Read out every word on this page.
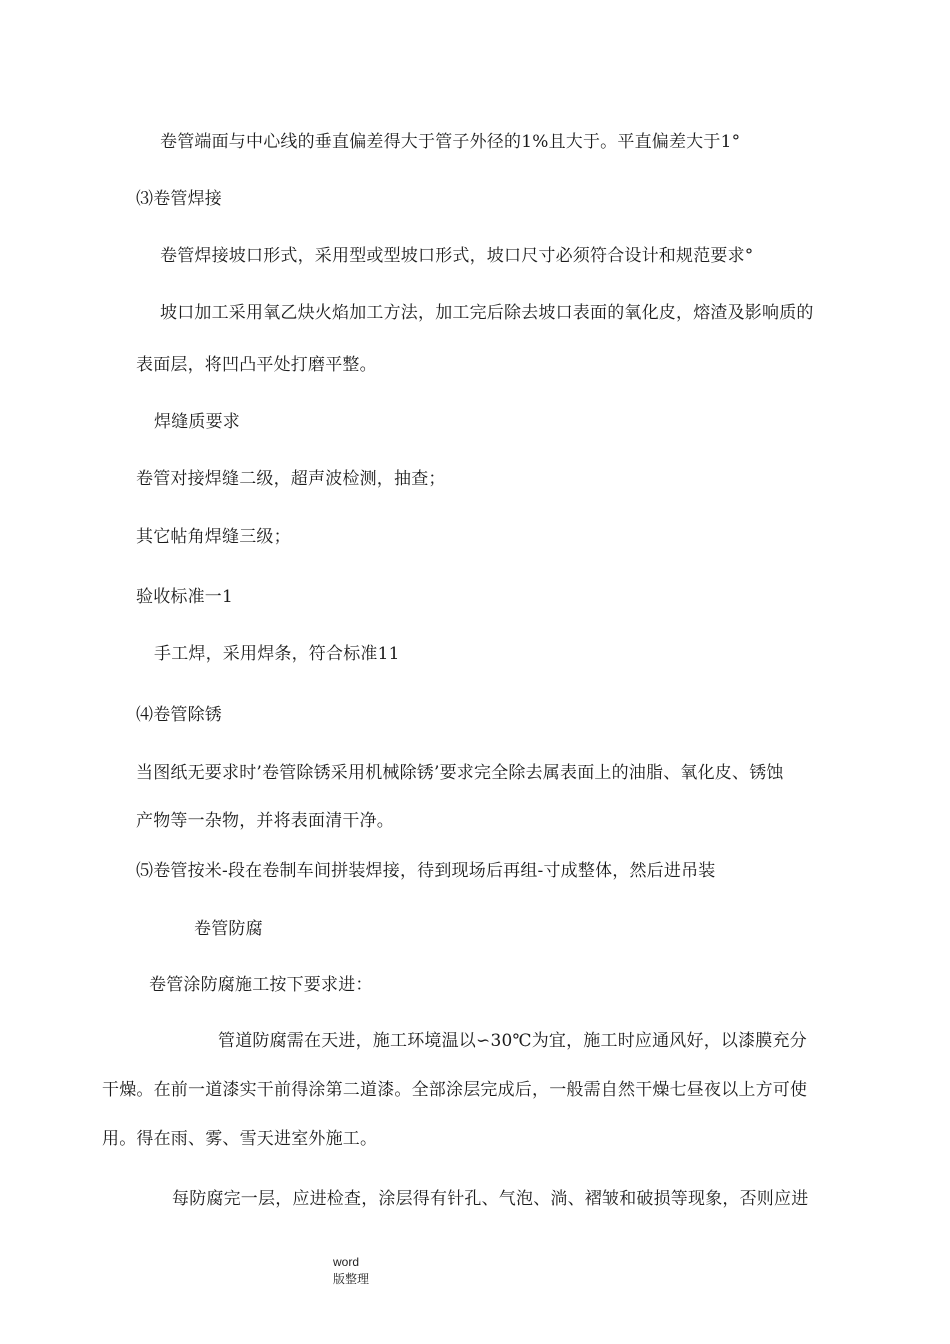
卷管端面与中心线的垂直偏差得大于管子外径的1%且大于。平直偏差大于1°
⑶卷管焊接
卷管焊接坡口形式，采用型或型坡口形式，坡口尺寸必须符合设计和规范要求°
坡口加工采用氧乙炔火焰加工方法，加工完后除去坡口表面的氧化皮，熔渣及影响质的
表面层，将凹凸平处打磨平整。
焊缝质要求
卷管对接焊缝二级，超声波检测，抽查；
其它帖角焊缝三级；
验收标准一1
手工焊，采用焊条，符合标准11
⑷卷管除锈
当图纸无要求时’卷管除锈采用机械除锈’要求完全除去属表面上的油脂、氧化皮、锈蚀
产物等一杂物，并将表面清干净。
⑸卷管按米-段在卷制车间拼装焊接，待到现场后再组-寸成整体，然后进吊装
卷管防腐
卷管涂防腐施工按下要求进：
管道防腐需在天进，施工环境温以∽30℃为宜，施工时应通风好，以漆膜充分
干燥。在前一道漆实干前得涂第二道漆。全部涂层完成后，一般需自然干燥七昼夜以上方可使
用。得在雨、雾、雪天进室外施工。
每防腐完一层，应进检查，涂层得有针孔、气泡、淌、褶皱和破损等现象，否则应进
word
版整理
